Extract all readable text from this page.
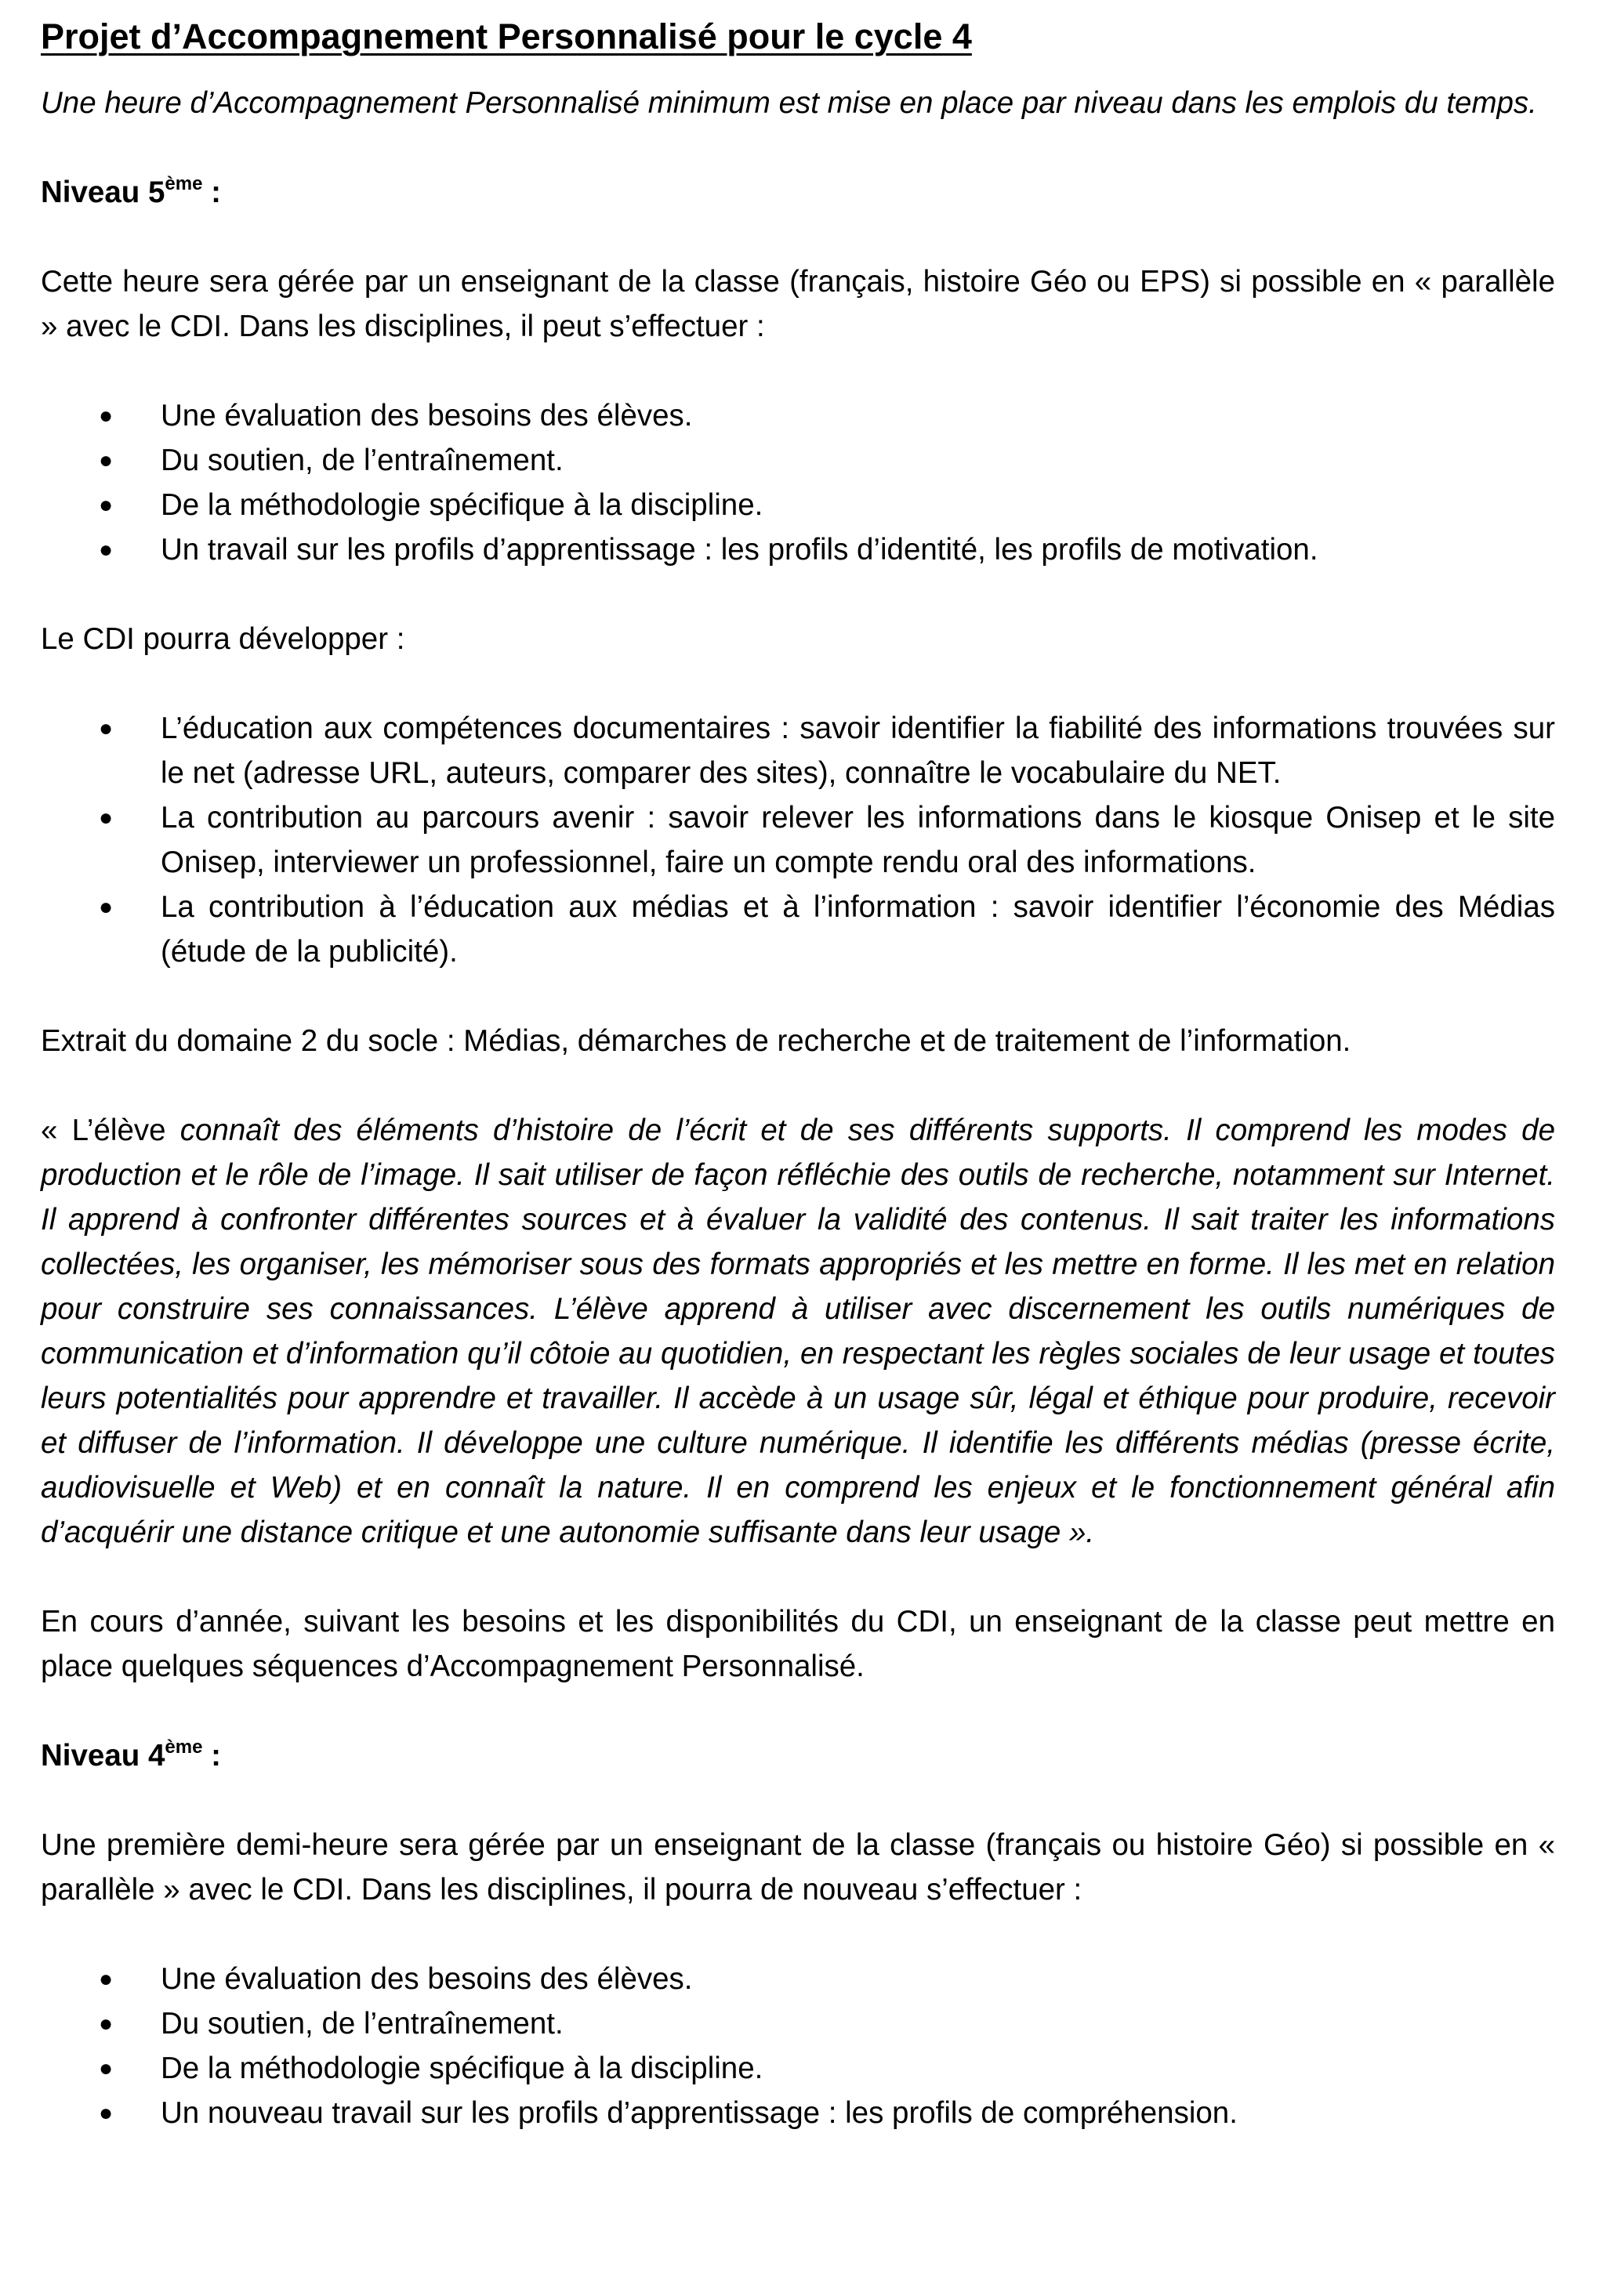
Projet d’Accompagnement Personnalisé pour le cycle 4

Une heure d’Accompagnement Personnalisé minimum est mise en place par niveau dans les emplois du temps.

Niveau 5ème :

Cette heure sera gérée par un enseignant de la classe (français, histoire Géo ou EPS) si possible en « parallèle » avec le CDI. Dans les disciplines, il peut s’effectuer :

● Une évaluation des besoins des élèves.
● Du soutien, de l’entraînement.
● De la méthodologie spécifique à la discipline.
● Un travail sur les profils d’apprentissage : les profils d’identité, les profils de motivation.

Le CDI pourra développer :

● L’éducation aux compétences documentaires : savoir identifier la fiabilité des informations trouvées sur le net (adresse URL, auteurs, comparer des sites), connaître le vocabulaire du NET.
● La contribution au parcours avenir : savoir relever les informations dans le kiosque Onisep et le site Onisep, interviewer un professionnel, faire un compte rendu oral des informations.
● La contribution à l’éducation aux médias et à l’information : savoir identifier l’économie des Médias (étude de la publicité).

Extrait du domaine 2 du socle : Médias, démarches de recherche et de traitement de l’information.

« L’élève connaît des éléments d’histoire de l’écrit et de ses différents supports. Il comprend les modes de production et le rôle de l’image. Il sait utiliser de façon réfléchie des outils de recherche, notamment sur Internet. Il apprend à confronter différentes sources et à évaluer la validité des contenus. Il sait traiter les informations collectées, les organiser, les mémoriser sous des formats appropriés et les mettre en forme. Il les met en relation pour construire ses connaissances. L’élève apprend à utiliser avec discernement les outils numériques de communication et d’information qu’il côtoie au quotidien, en respectant les règles sociales de leur usage et toutes leurs potentialités pour apprendre et travailler. Il accède à un usage sûr, légal et éthique pour produire, recevoir et diffuser de l’information. Il développe une culture numérique. Il identifie les différents médias (presse écrite, audiovisuelle et Web) et en connaît la nature. Il en comprend les enjeux et le fonctionnement général afin d’acquérir une distance critique et une autonomie suffisante dans leur usage ».

En cours d’année, suivant les besoins et les disponibilités du CDI, un enseignant de la classe peut mettre en place quelques séquences d’Accompagnement Personnalisé.

Niveau 4ème :

Une première demi-heure sera gérée par un enseignant de la classe (français ou histoire Géo) si possible en « parallèle » avec le CDI. Dans les disciplines, il pourra de nouveau s’effectuer :

● Une évaluation des besoins des élèves.
● Du soutien, de l’entraînement.
● De la méthodologie spécifique à la discipline.
● Un nouveau travail sur les profils d’apprentissage : les profils de compréhension.
